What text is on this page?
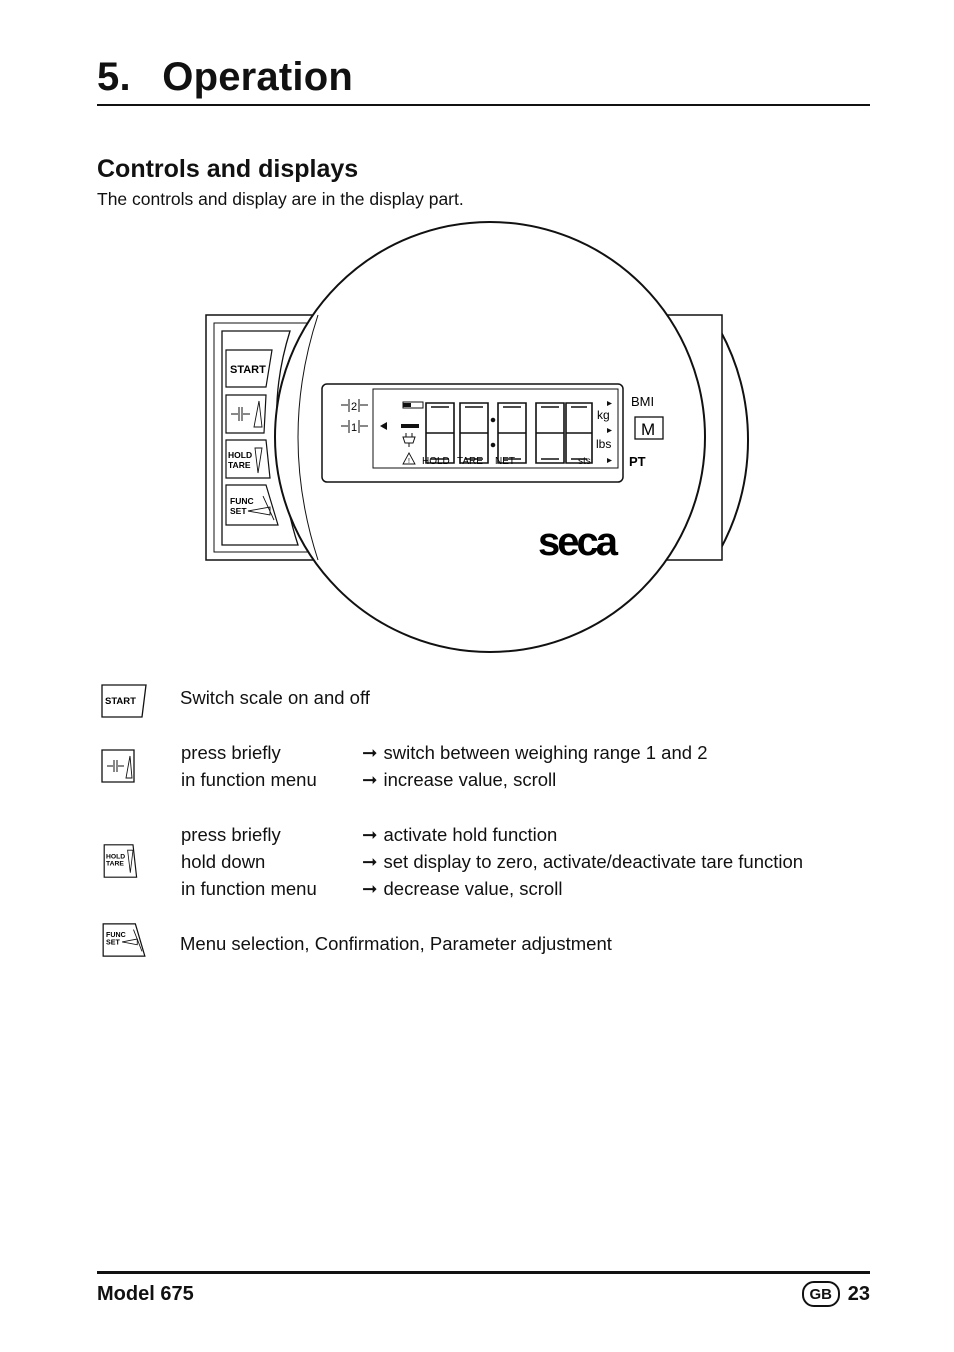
5.  Operation
Controls and displays
The controls and display are in the display part.
START
HOLD
TARE
FUNC
SET
2
1
kg
lbs
! HOLD TARE NET	sts
BMI
M
PT
seca
START Switch scale on and off
press briefly	➞ switch between weighing range 1 and 2
in function menu ➞ increase value, scroll
HOLD
TARE
press briefly	➞ activate hold function
hold down	➞ set display to zero, activate/deactivate tare function
in function menu ➞ decrease value, scroll
FUNC
SET	Menu selection, Confirmation, Parameter adjustment
Model 675	GB 23
